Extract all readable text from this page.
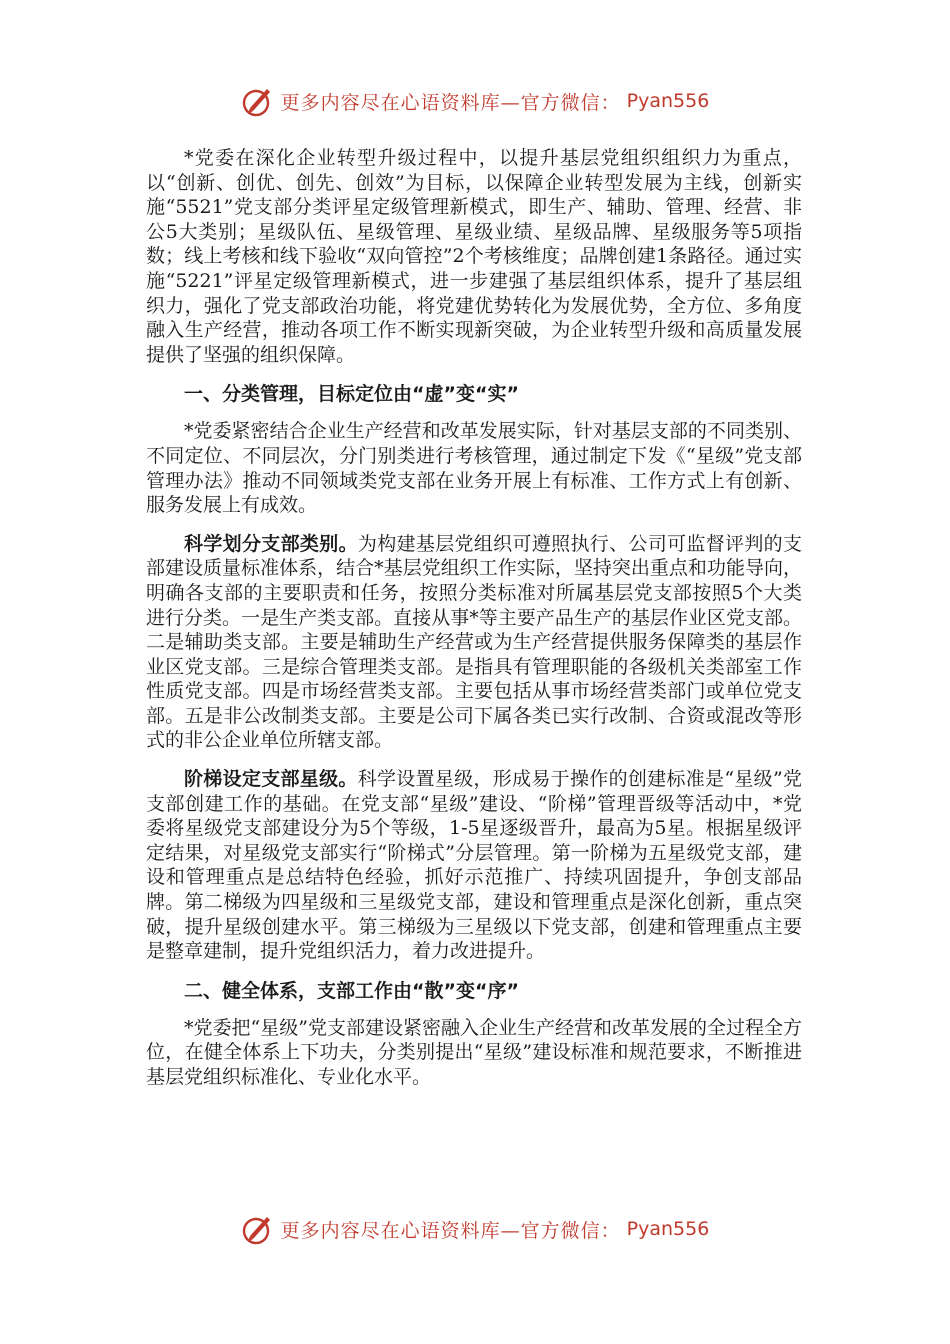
更多内容尽在心语资料库—官方微信： Pyan556

*党委在深化企业转型升级过程中，以提升基层党组织组织力为重点，以“创新、创优、创先、创效”为目标，以保障企业转型发展为主线，创新实施“5521”党支部分类评星定级管理新模式，即生产、辅助、管理、经营、非公5大类别；星级队伍、星级管理、星级业绩、星级品牌、星级服务等5项指数；线上考核和线下验收“双向管控”2个考核维度；品牌创建1条路径。通过实施“5221”评星定级管理新模式，进一步建强了基层组织体系，提升了基层组织力，强化了党支部政治功能，将党建优势转化为发展优势，全方位、多角度融入生产经营，推动各项工作不断实现新突破，为企业转型升级和高质量发展提供了坚强的组织保障。

一、分类管理，目标定位由“虚”变“实”

*党委紧密结合企业生产经营和改革发展实际，针对基层支部的不同类别、不同定位、不同层次，分门别类进行考核管理，通过制定下发《“星级”党支部管理办法》推动不同领域类党支部在业务开展上有标准、工作方式上有创新、服务发展上有成效。

科学划分支部类别。为构建基层党组织可遵照执行、公司可监督评判的支部建设质量标准体系，结合*基层党组织工作实际，坚持突出重点和功能导向，明确各支部的主要职责和任务，按照分类标准对所属基层党支部按照5个大类进行分类。一是生产类支部。直接从事*等主要产品生产的基层作业区党支部。二是辅助类支部。主要是辅助生产经营或为生产经营提供服务保障类的基层作业区党支部。三是综合管理类支部。是指具有管理职能的各级机关类部室工作性质党支部。四是市场经营类支部。主要包括从事市场经营类部门或单位党支部。五是非公改制类支部。主要是公司下属各类已实行改制、合资或混改等形式的非公企业单位所辖支部。

阶梯设定支部星级。科学设置星级，形成易于操作的创建标准是“星级”党支部创建工作的基础。在党支部“星级”建设、“阶梯”管理晋级等活动中，*党委将星级党支部建设分为5个等级，1-5星逐级晋升，最高为5星。根据星级评定结果，对星级党支部实行“阶梯式”分层管理。第一阶梯为五星级党支部，建设和管理重点是总结特色经验，抓好示范推广、持续巩固提升，争创支部品牌。第二梯级为四星级和三星级党支部，建设和管理重点是深化创新，重点突破，提升星级创建水平。第三梯级为三星级以下党支部，创建和管理重点主要是整章建制，提升党组织活力，着力改进提升。

二、健全体系，支部工作由“散”变“序”

*党委把“星级”党支部建设紧密融入企业生产经营和改革发展的全过程全方位，在健全体系上下功夫，分类别提出“星级”建设标准和规范要求，不断推进基层党组织标准化、专业化水平。

更多内容尽在心语资料库—官方微信： Pyan556
